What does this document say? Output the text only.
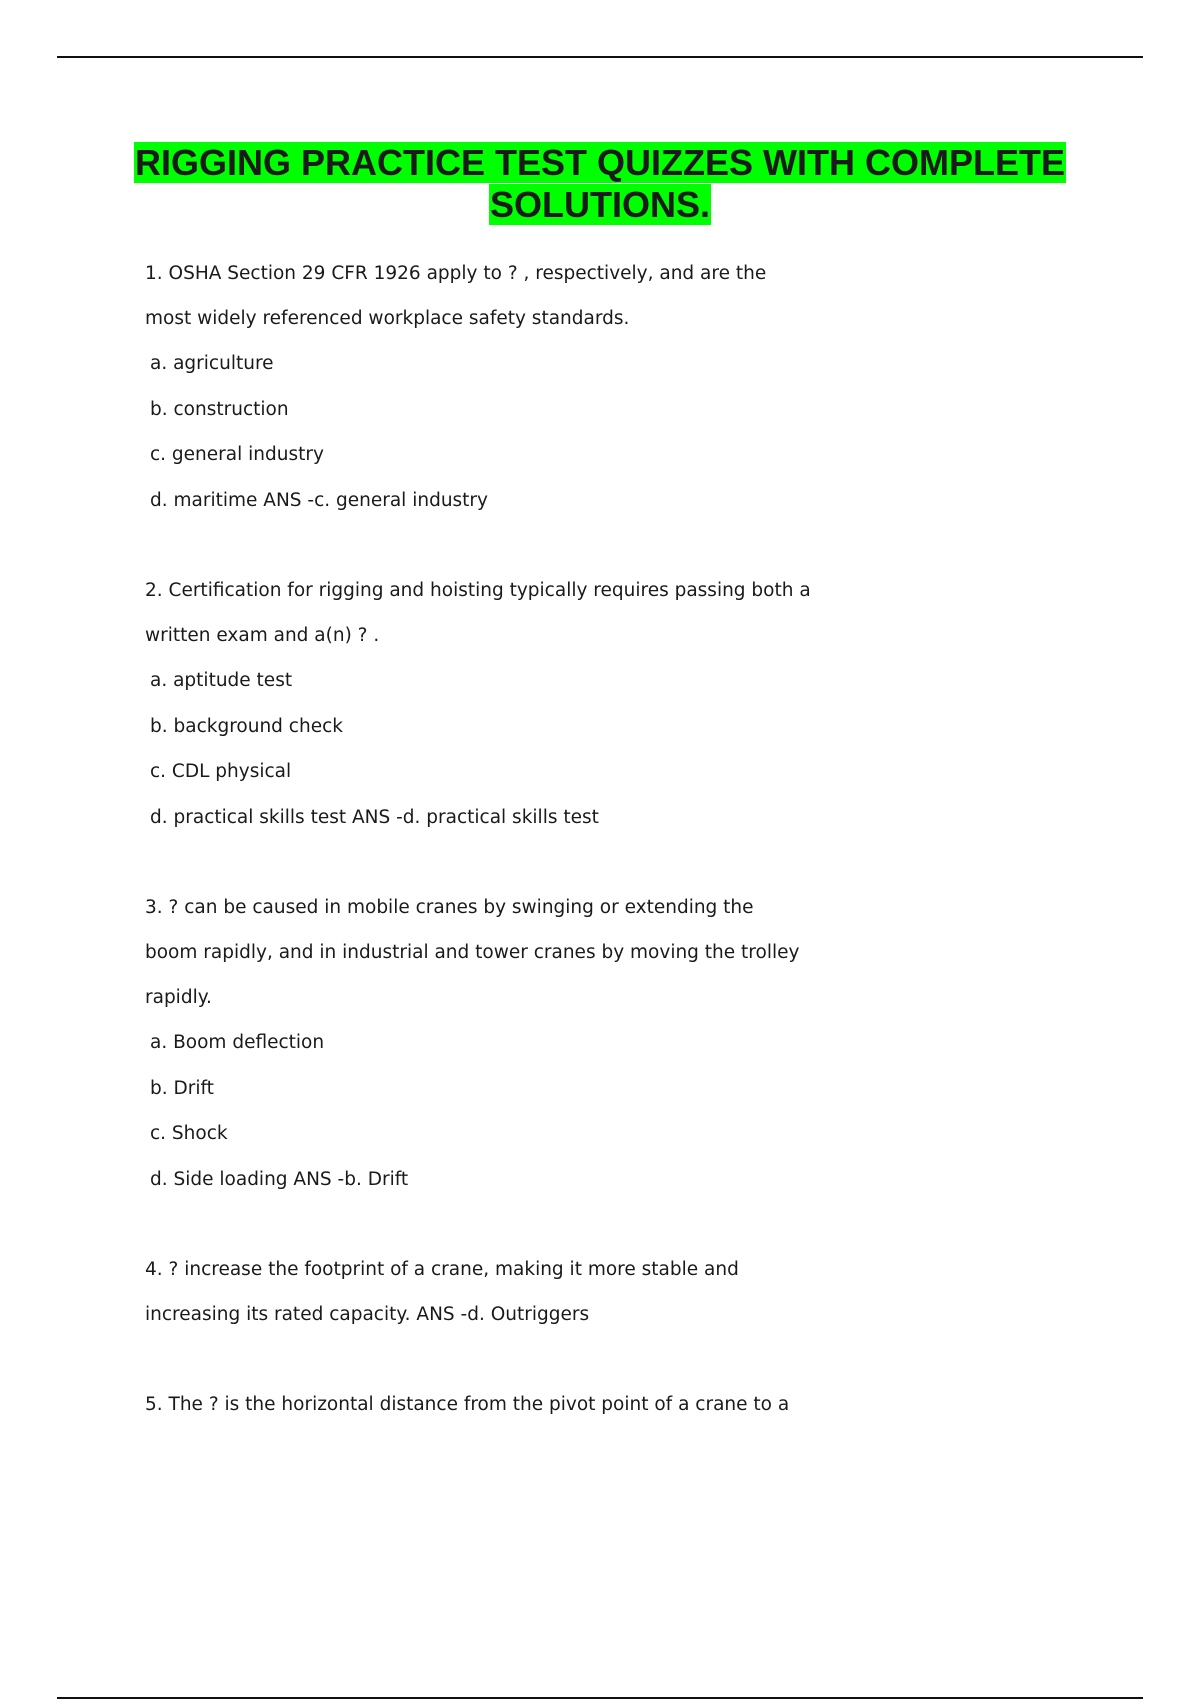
RIGGING PRACTICE TEST QUIZZES WITH COMPLETE
SOLUTIONS.
1. OSHA Section 29 CFR 1926 apply to ? , respectively, and are the
most widely referenced workplace safety standards.
a. agriculture
b. construction
c. general industry
d. maritime ANS -c. general industry
2. Certification for rigging and hoisting typically requires passing both a
written exam and a(n) ? .
a. aptitude test
b. background check
c. CDL physical
d. practical skills test ANS -d. practical skills test
3. ? can be caused in mobile cranes by swinging or extending the
boom rapidly, and in industrial and tower cranes by moving the trolley
rapidly.
a. Boom deflection
b. Drift
c. Shock
d. Side loading ANS -b. Drift
4. ? increase the footprint of a crane, making it more stable and
increasing its rated capacity. ANS -d. Outriggers
5. The ? is the horizontal distance from the pivot point of a crane to a
